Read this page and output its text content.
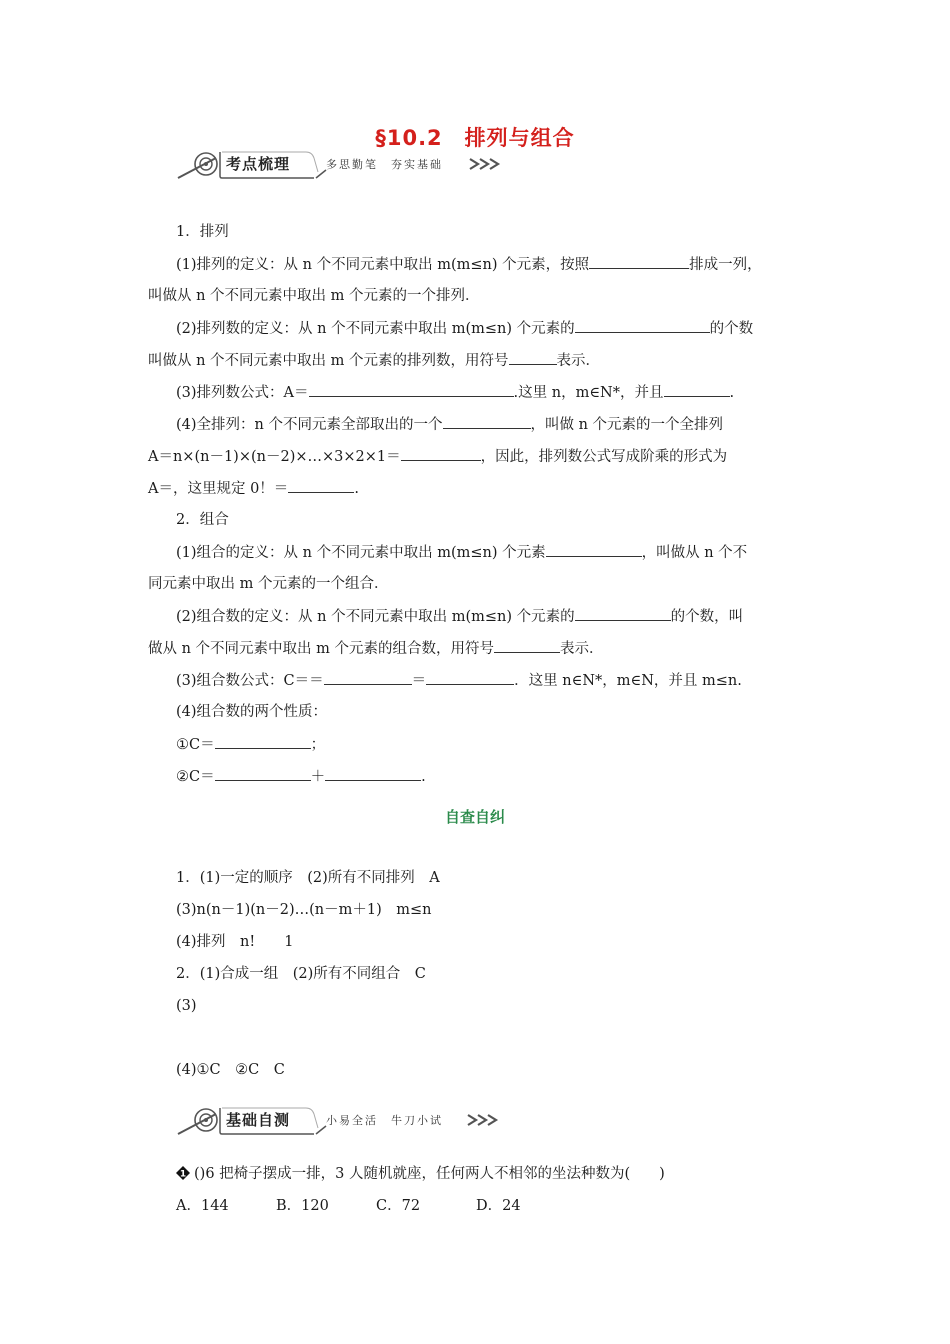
§10.2　排列与组合
考点梳理	多思勤笔　夯实基础
1．排列
(1)排列的定义：从 n 个不同元素中取出 m(m≤n) 个元素，按照	排成一列，
叫做从 n 个不同元素中取出 m 个元素的一个排列．
(2)排列数的定义：从 n 个不同元素中取出 m(m≤n) 个元素的	的个数
叫做从 n 个不同元素中取出 m 个元素的排列数，用符号	表示．
(3)排列数公式：A＝	.这里 n，m∈N*，并且	.
(4)全排列：n 个不同元素全部取出的一个	，叫做 n 个元素的一个全排列
A＝n×(n－1)×(n－2)×…×3×2×1＝	，因此，排列数公式写成阶乘的形式为
A＝，这里规定 0！＝	.
2．组合
(1)组合的定义：从 n 个不同元素中取出 m(m≤n) 个元素	，叫做从 n 个不
同元素中取出 m 个元素的一个组合．
(2)组合数的定义：从 n 个不同元素中取出 m(m≤n) 个元素的	的个数，叫
做从 n 个不同元素中取出 m 个元素的组合数，用符号	表示．
(3)组合数公式：C＝＝	＝	．这里 n∈N*，m∈N，并且 m≤n.
(4)组合数的两个性质：
①C＝	；
②C＝	＋	.
自查自纠
1．(1)一定的顺序　(2)所有不同排列　A
(3)n(n－1)(n－2)…(n－m＋1)　m≤n
(4)排列　n!　　1
2．(1)合成一组　(2)所有不同组合　C
(3)
(4)①C　②C　C
基础自测	小易全活　牛刀小试
1 ()6 把椅子摆成一排，3 人随机就座，任何两人不相邻的坐法种数为(　　)
A．144	B．120	C．72	D．24
